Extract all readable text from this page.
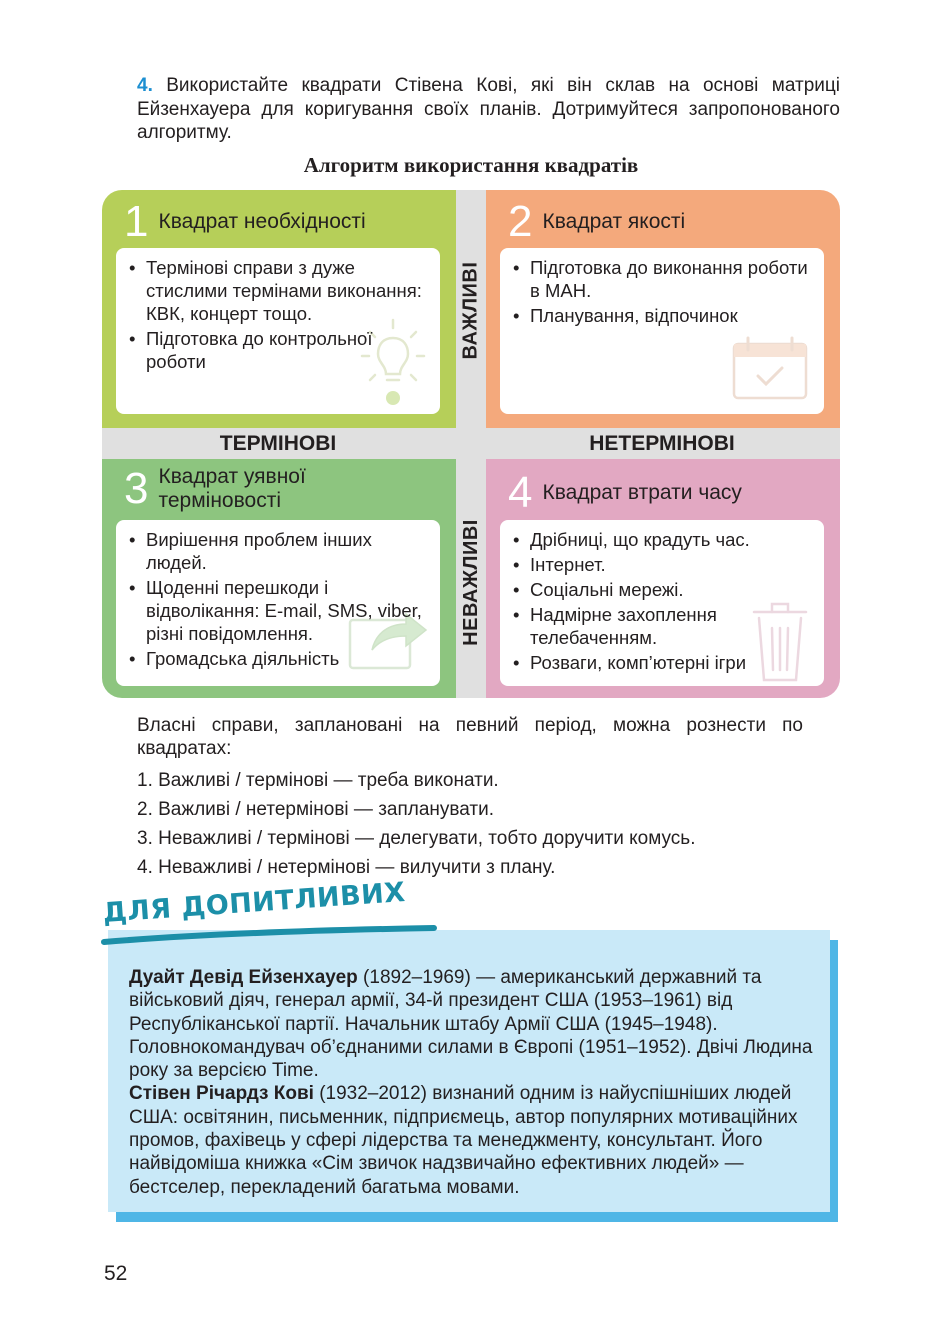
4. Використайте квадрати Стівена Кові, які він склав на основі матриці Ейзенхауера для коригування своїх планів. Дотримуйтеся запропонованого алгоритму.

Алгоритм використання квадратів

1 Квадрат необхідності
• Термінові справи з дуже стислими термінами виконання: КВК, концерт тощо.
• Підготовка до контрольної роботи
2 Квадрат якості
• Підготовка до виконання роботи в МАН.
• Планування, відпочинок
3 Квадрат уявної терміновості
• Вирішення проблем інших людей.
• Щоденні перешкоди і відволікання: E-mail, SMS, viber, різні повідомлення.
• Громадська діяльність
4 Квадрат втрати часу
• Дрібниці, що крадуть час.
• Інтернет.
• Соціальні мережі.
• Надмірне захоплення телебаченням.
• Розваги, комп’ютерні ігри
ТЕРМІНОВІ	НЕТЕРМІНОВІ
ВАЖЛИВІ
НЕВАЖЛИВІ

Власні справи, заплановані на певний період, можна рознести по квадратах:

1. Важливі / термінові — треба виконати.
2. Важливі / нетермінові — запланувати.
3. Неважливі / термінові — делегувати, тобто доручити комусь.
4. Неважливі / нетермінові — вилучити з плану.
ДЛЯ ДОПИТЛИВИХ

Дуайт Девід Ейзенхауер (1892–1969) — американський державний та військовий діяч, генерал армії, 34-й президент США (1953–1961) від Республіканської партії. Начальник штабу Армії США (1945–1948). Головнокомандувач об’єднаними силами в Європі (1951–1952). Двічі Людина року за версією Time.
Стівен Річардз Кові (1932–2012) визнаний одним із найуспішніших людей США: освітянин, письменник, підприємець, автор популярних мотиваційних промов, фахівець у сфері лідерства та менеджменту, консультант. Його найвідоміша книжка «Сім звичок надзвичайно ефективних людей» — бестселер, перекладений багатьма мовами.

52
